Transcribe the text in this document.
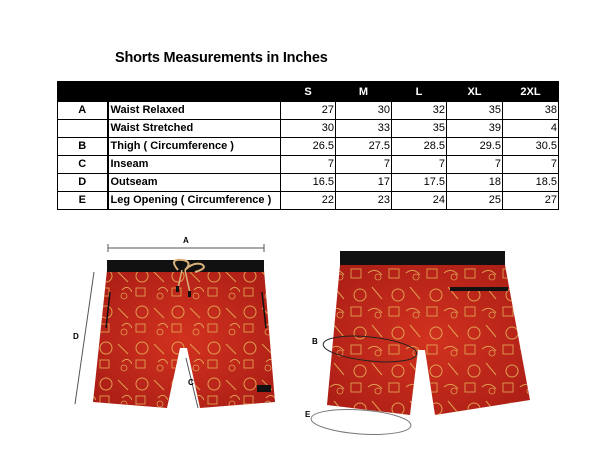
Shorts Measurements in Inches
		S	M	L	XL	2XL
A	Waist Relaxed	27	30	32	35	38
	Waist Stretched	30	33	35	39	4
B	Thigh ( Circumference )	26.5	27.5	28.5	29.5	30.5
C	Inseam	7	7	7	7	7
D	Outseam	16.5	17	17.5	18	18.5
E	Leg Opening ( Circumference )	22	23	24	25	27
A
D
C
B
E
